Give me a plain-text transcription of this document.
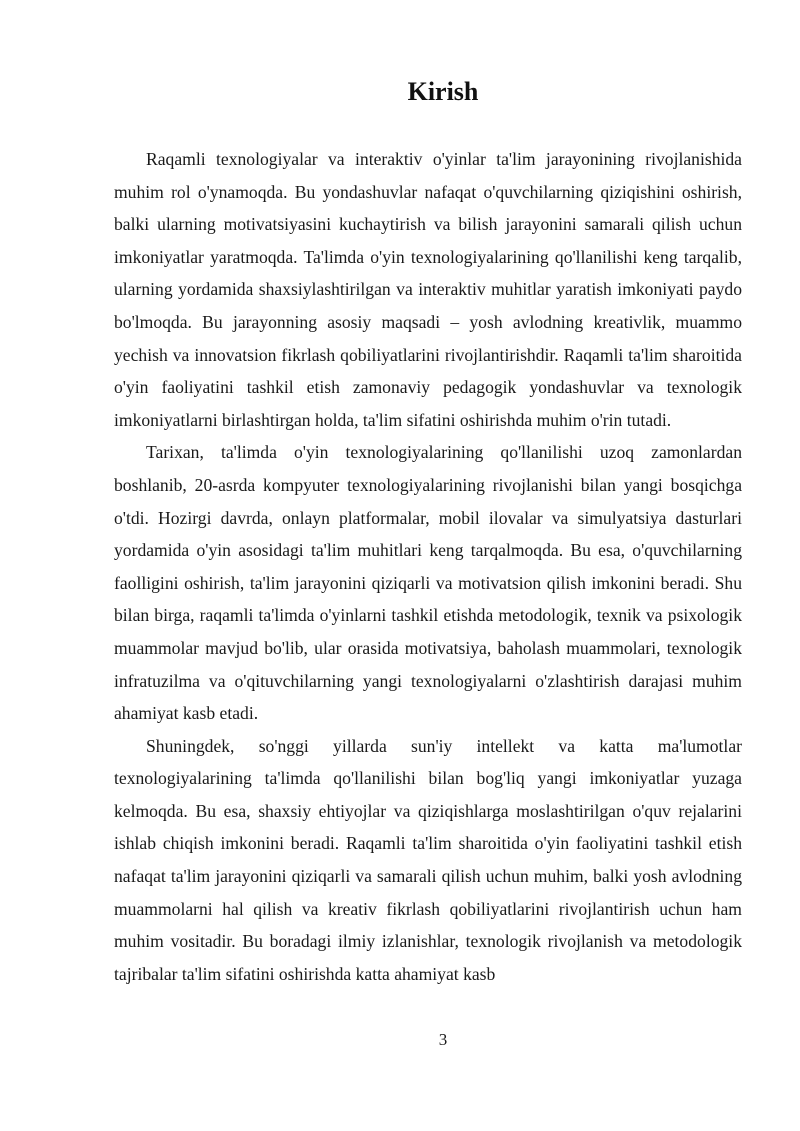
Kirish

Raqamli texnologiyalar va interaktiv o'yinlar ta'lim jarayonining rivojlanishida muhim rol o'ynamoqda. Bu yondashuvlar nafaqat o'quvchilarning qiziqishini oshirish, balki ularning motivatsiyasini kuchaytirish va bilish jarayonini samarali qilish uchun imkoniyatlar yaratmoqda. Ta'limda o'yin texnologiyalarining qo'llanilishi keng tarqalib, ularning yordamida shaxsiylashtirilgan va interaktiv muhitlar yaratish imkoniyati paydo bo'lmoqda. Bu jarayonning asosiy maqsadi – yosh avlodning kreativlik, muammo yechish va innovatsion fikrlash qobiliyatlarini rivojlantirishdir. Raqamli ta'lim sharoitida o'yin faoliyatini tashkil etish zamonaviy pedagogik yondashuvlar va texnologik imkoniyatlarni birlashtirgan holda, ta'lim sifatini oshirishda muhim o'rin tutadi.

Tarixan, ta'limda o'yin texnologiyalarining qo'llanilishi uzoq zamonlardan boshlanib, 20-asrda kompyuter texnologiyalarining rivojlanishi bilan yangi bosqichga o'tdi. Hozirgi davrda, onlayn platformalar, mobil ilovalar va simulyatsiya dasturlari yordamida o'yin asosidagi ta'lim muhitlari keng tarqalmoqda. Bu esa, o'quvchilarning faolligini oshirish, ta'lim jarayonini qiziqarli va motivatsion qilish imkonini beradi. Shu bilan birga, raqamli ta'limda o'yinlarni tashkil etishda metodologik, texnik va psixologik muammolar mavjud bo'lib, ular orasida motivatsiya, baholash muammolari, texnologik infratuzilma va o'qituvchilarning yangi texnologiyalarni o'zlashtirish darajasi muhim ahamiyat kasb etadi.

Shuningdek, so'nggi yillarda sun'iy intellekt va katta ma'lumotlar texnologiyalarining ta'limda qo'llanilishi bilan bog'liq yangi imkoniyatlar yuzaga kelmoqda. Bu esa, shaxsiy ehtiyojlar va qiziqishlarga moslashtirilgan o'quv rejalarini ishlab chiqish imkonini beradi. Raqamli ta'lim sharoitida o'yin faoliyatini tashkil etish nafaqat ta'lim jarayonini qiziqarli va samarali qilish uchun muhim, balki yosh avlodning muammolarni hal qilish va kreativ fikrlash qobiliyatlarini rivojlantirish uchun ham muhim vositadir. Bu boradagi ilmiy izlanishlar, texnologik rivojlanish va metodologik tajribalar ta'lim sifatini oshirishda katta ahamiyat kasb

3
